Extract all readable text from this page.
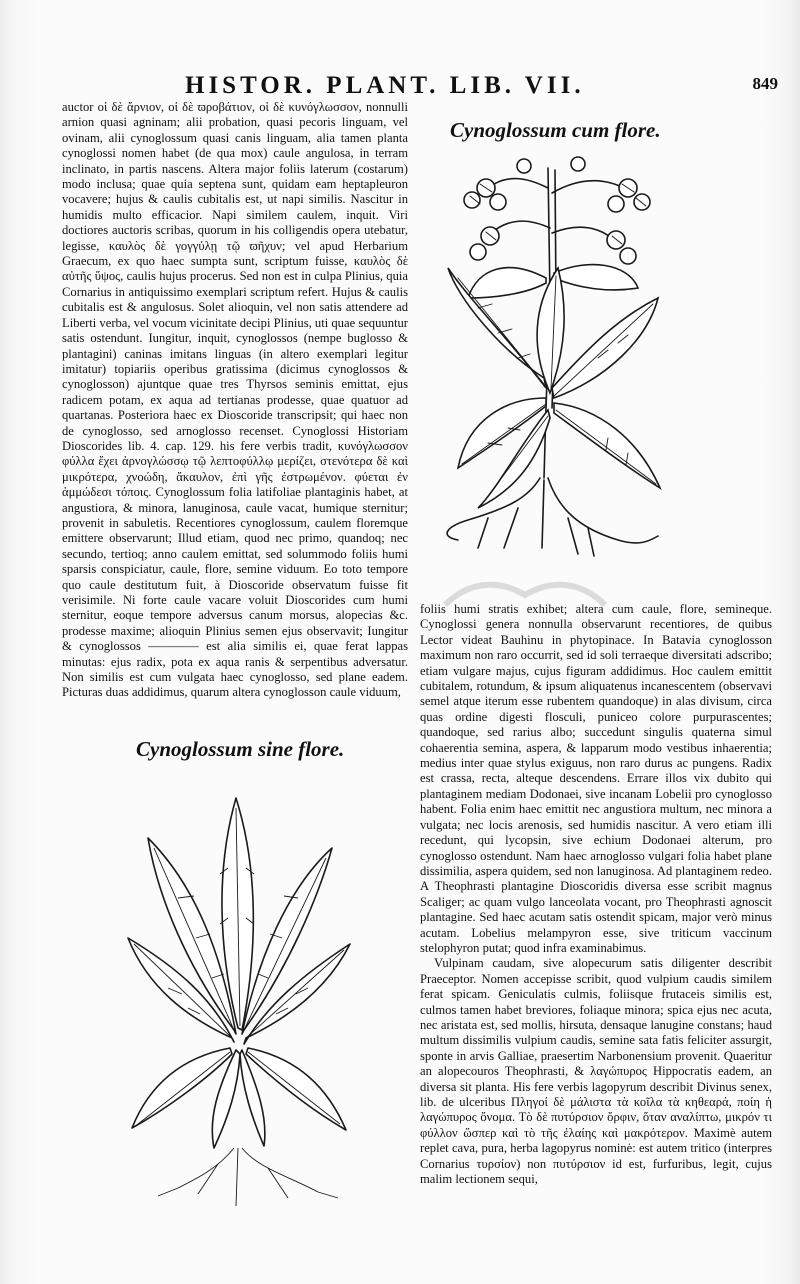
HISTOR. PLANT. LIB. VII.	849
Cynoglossum cum flore.

auctor οἱ δὲ ἄρνιον, οἱ δὲ ϖροβάτιον, οἱ δὲ κυνόγλωσσον, nonnulli arnion quasi agninam; alii probation, quasi pecoris linguam, vel ovinam, alii cynoglossum quasi canis linguam, alia tamen planta cynoglossi nomen habet (de qua mox) caule angulosa, in terram inclinato, in partis nascens. Altera major foliis laterum (costarum) modo inclusa; quae quia septena sunt, quidam eam heptapleuron vocavere; hujus & caulis cubitalis est, ut napi similis. Nascitur in humidis multo efficacior. Napi similem caulem, inquit. Viri doctiores auctoris scribas, quorum in his colligendis opera utebatur, legisse, καυλὸς δὲ γογγύλῃ τῷ ϖῆχυν; vel apud Herbarium Graecum, ex quo haec sumpta sunt, scriptum fuisse, καυλὸς δὲ αὐτῆς ὕψος, caulis hujus procerus. Sed non est in culpa Plinius, quia Cornarius in antiquissimo exemplari scriptum refert. Hujus & caulis cubitalis est & angulosus. Solet alioquin, vel non satis attendere ad Liberti verba, vel vocum vicinitate decipi Plinius, uti quae sequuntur satis ostendunt. Iungitur, inquit, cynoglossos (nempe buglosso & plantagini) caninas imitans linguas (in altero exemplari legitur imitatur) topiariis operibus gratissima (dicimus cynoglossos & cynoglosson) ajuntque quae tres Thyrsos seminis emittat, ejus radicem potam, ex aqua ad tertianas prodesse, quae quatuor ad quartanas. Posteriora haec ex Dioscoride transcripsit; qui haec non de cynoglosso, sed arnoglosso recenset. Cynoglossi Historiam Dioscorides lib. 4. cap. 129. his fere verbis tradit, κυνόγλωσσον φύλλα ἔχει ἀρνογλώσσῳ τῷ λεπτοφύλλῳ μερίζει, στενότερα δὲ καὶ μικρότερα, χνοώδη, ἄκαυλον, ἐπὶ γῆς ἐστρωμένον. φύεται ἐν ἀμμώδεσι τόποις. Cynoglossum folia latifoliae plantaginis habet, at angustiora, & minora, lanuginosa, caule vacat, humique sternitur; provenit in sabuletis. Recentiores cynoglossum, caulem floremque emittere observarunt; Illud etiam, quod nec primo, quandoq; nec secundo, tertioq; anno caulem emittat, sed solummodo foliis humi sparsis conspiciatur, caule, flore, semine viduum. Eo toto tempore quo caule destitutum fuit, à Dioscoride observatum fuisse fit verisimile. Ni forte caule vacare voluit Dioscorides cum humi sternitur, eoque tempore adversus canum morsus, alopecias &c. prodesse maxime; alioquin Plinius semen ejus observavit; Iungitur & cynoglossos ———— est alia similis ei, quae ferat lappas minutas: ejus radix, pota ex aqua ranis & serpentibus adversatur. Non similis est cum vulgata haec cynoglosso, sed plane eadem. Picturas duas addidimus, quarum altera cynoglosson caule viduum,

foliis humi stratis exhibet; altera cum caule, flore, semineque. Cynoglossi genera nonnulla observarunt recentiores, de quibus Lector videat Bauhinu in phytopinace. In Batavia cynoglosson maximum non raro occurrit, sed id soli terraeque diversitati adscribo; etiam vulgare majus, cujus figuram addidimus. Hoc caulem emittit cubitalem, rotundum, & ipsum aliquatenus incanescentem (observavi semel atque iterum esse rubentem quandoque) in alas divisum, circa quas ordine digesti flosculi, puniceo colore purpurascentes; quandoque, sed rarius albo; succedunt singulis quaterna simul cohaerentia semina, aspera, & lapparum modo vestibus inhaerentia; medius inter quae stylus exiguus, non raro durus ac pungens. Radix est crassa, recta, alteque descendens. Errare illos vix dubito qui plantaginem mediam Dodonaei, sive incanam Lobelii pro cynoglosso habent. Folia enim haec emittit nec angustiora multum, nec minora a vulgata; nec locis arenosis, sed humidis nascitur. A vero etiam illi recedunt, qui lycopsin, sive echium Dodonaei alterum, pro cynoglosso ostendunt. Nam haec arnoglosso vulgari folia habet plane dissimilia, aspera quidem, sed non lanuginosa. Ad plantaginem redeo. A Theophrasti plantagine Dioscoridis diversa esse scribit magnus Scaliger; ac quam vulgo lanceolata vocant, pro Theophrasti agnoscit plantagine. Sed haec acutam satis ostendit spicam, major verò minus acutam. Lobelius melampyron esse, sive triticum vaccinum stelophyron putat; quod infra examinabimus.

Vulpinam caudam, sive alopecurum satis diligenter describit Praeceptor. Nomen accepisse scribit, quod vulpium caudis similem ferat spicam. Geniculatis culmis, foliisque frutaceis similis est, culmos tamen habet breviores, foliaque minora; spica ejus nec acuta, nec aristata est, sed mollis, hirsuta, densaque lanugine constans; haud multum dissimilis vulpium caudis, semine sata fatis feliciter assurgit, sponte in arvis Galliae, praesertim Narbonensium provenit. Quaeritur an alopecouros Theophrasti, & λαγώπυρος Hippocratis eadem, an diversa sit planta. His fere verbis lagopyrum describit Divinus senex, lib. de ulceribus Πληγοί δὲ μάλιστα τὰ κοῖλα τὰ κηθεαρά, ποίη ἡ λαγώπυρος ὄνομα. Τὸ δὲ πυτύρσιον ὄρφιν, ὅταν αναλίπτω, μικρόν τι φύλλον ὥσπερ καὶ τὸ τῆς ἐλαίης καὶ μακρότερον. Maximè autem replet cava, pura, herba lagopyrus nominė: est autem tritico (interpres Cornarius τυρσίον) non πυτύρσιον id est, furfuribus, legit, cujus malim lectionem sequi,

Cynoglossum sine flore.
